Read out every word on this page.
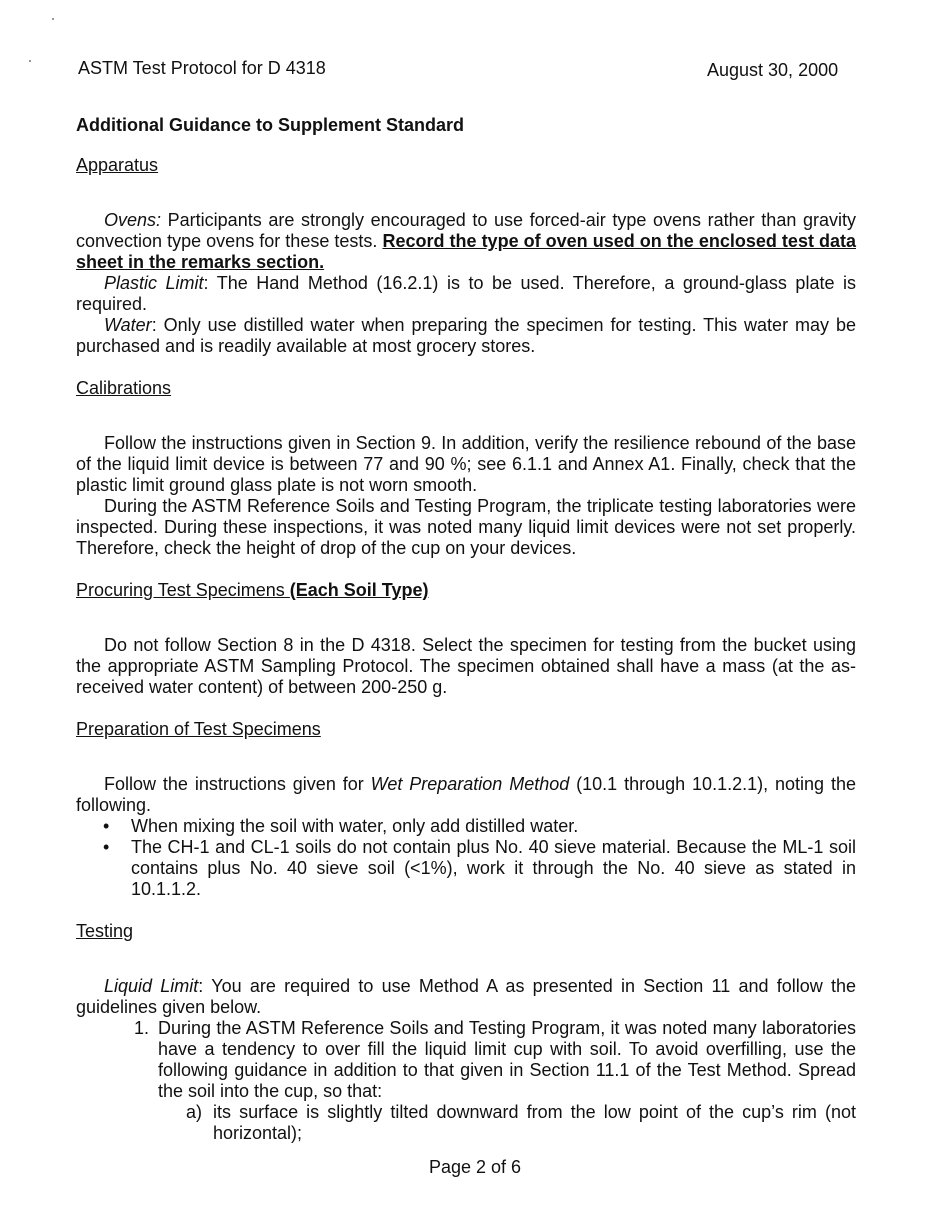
ASTM Test Protocol for D 4318	August 30, 2000
Additional Guidance to Supplement Standard
Apparatus

Ovens: Participants are strongly encouraged to use forced-air type ovens rather than gravity convection type ovens for these tests. Record the type of oven used on the enclosed test data sheet in the remarks section.

Plastic Limit: The Hand Method (16.2.1) is to be used. Therefore, a ground-glass plate is required.

Water: Only use distilled water when preparing the specimen for testing. This water may be purchased and is readily available at most grocery stores.

Calibrations

Follow the instructions given in Section 9. In addition, verify the resilience rebound of the base of the liquid limit device is between 77 and 90 %; see 6.1.1 and Annex A1. Finally, check that the plastic limit ground glass plate is not worn smooth.

During the ASTM Reference Soils and Testing Program, the triplicate testing laboratories were inspected. During these inspections, it was noted many liquid limit devices were not set properly. Therefore, check the height of drop of the cup on your devices.

Procuring Test Specimens (Each Soil Type)

Do not follow Section 8 in the D 4318. Select the specimen for testing from the bucket using the appropriate ASTM Sampling Protocol. The specimen obtained shall have a mass (at the as-received water content) of between 200-250 g.

Preparation of Test Specimens

Follow the instructions given for Wet Preparation Method (10.1 through 10.1.2.1), noting the following.

• When mixing the soil with water, only add distilled water.
• The CH-1 and CL-1 soils do not contain plus No. 40 sieve material. Because the ML-1 soil contains plus No. 40 sieve soil (<1%), work it through the No. 40 sieve as stated in 10.1.1.2.
Testing

Liquid Limit: You are required to use Method A as presented in Section 11 and follow the guidelines given below.

1. During the ASTM Reference Soils and Testing Program, it was noted many laboratories have a tendency to over fill the liquid limit cup with soil. To avoid overfilling, use the following guidance in addition to that given in Section 11.1 of the Test Method. Spread the soil into the cup, so that:
a) its surface is slightly tilted downward from the low point of the cup’s rim (not horizontal);
Page 2 of 6
